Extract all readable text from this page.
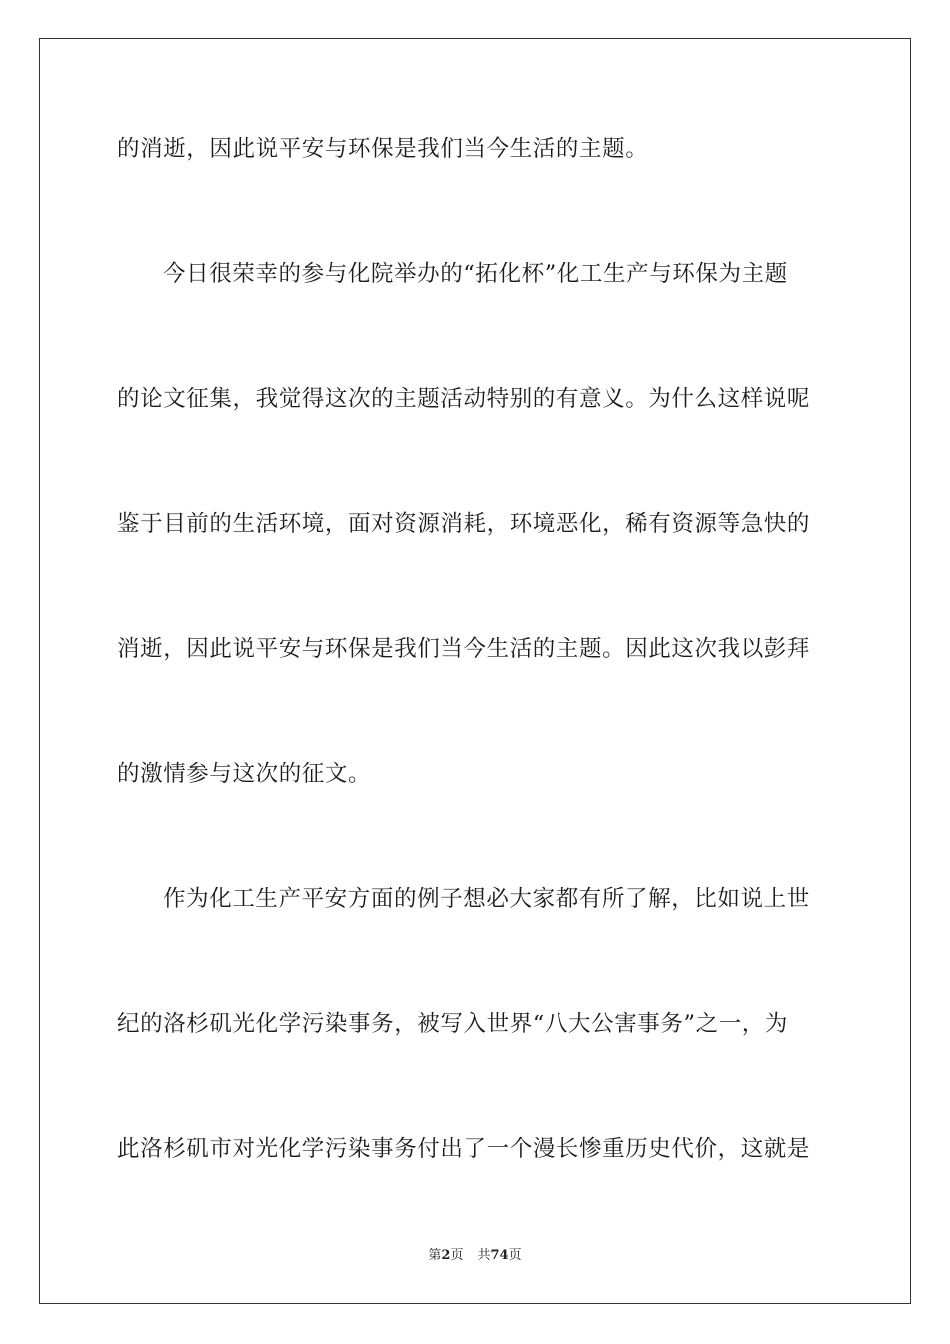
的消逝，因此说平安与环保是我们当今生活的主题。
今日很荣幸的参与化院举办的“拓化杯”化工生产与环保为主题
的论文征集，我觉得这次的主题活动特别的有意义。为什么这样说呢
鉴于目前的生活环境，面对资源消耗，环境恶化，稀有资源等急快的
消逝，因此说平安与环保是我们当今生活的主题。因此这次我以彭拜
的激情参与这次的征文。
作为化工生产平安方面的例子想必大家都有所了解，比如说上世
纪的洛杉矶光化学污染事务，被写入世界“八大公害事务”之一，为
此洛杉矶市对光化学污染事务付出了一个漫长惨重历史代价，这就是
第2页 共74页
